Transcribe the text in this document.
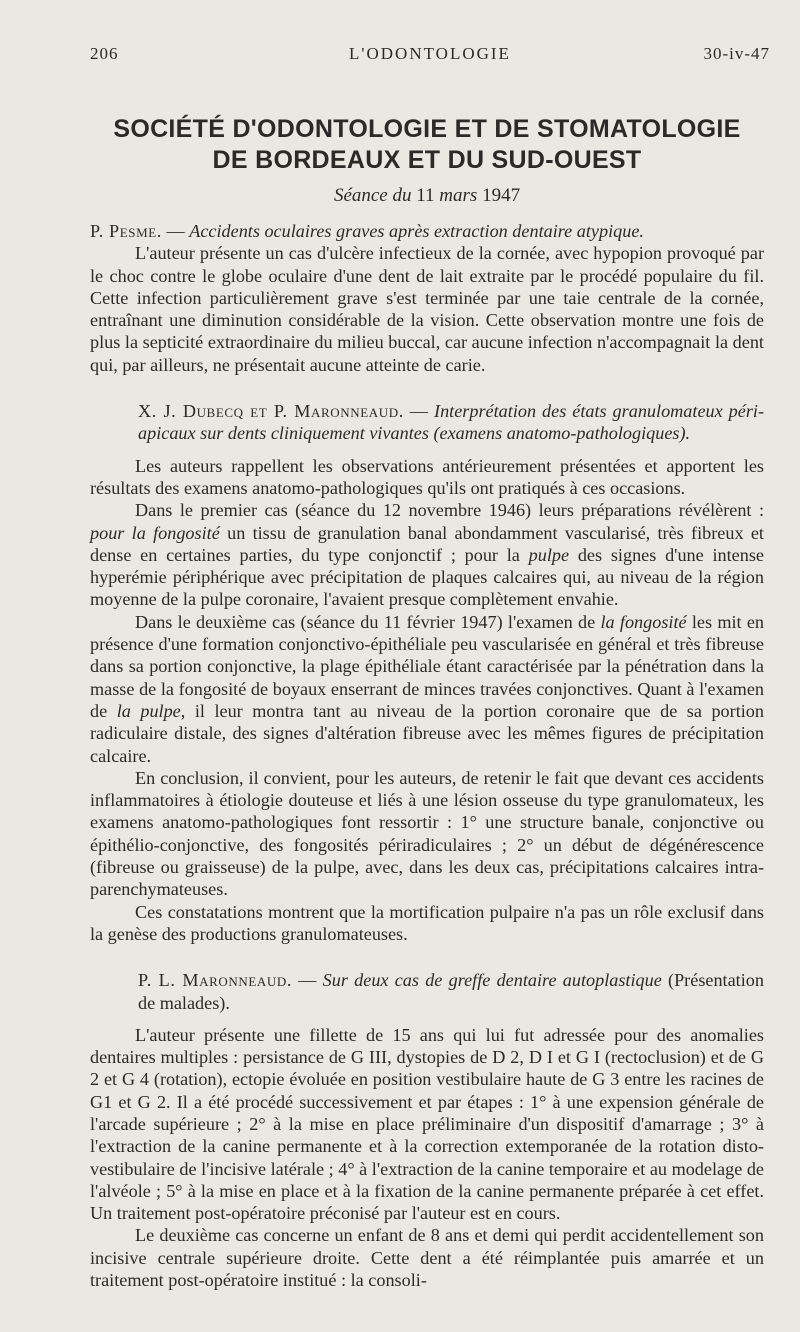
206	L'ODONTOLOGIE	30-iv-47
SOCIÉTÉ D'ODONTOLOGIE ET DE STOMATOLOGIE
DE BORDEAUX ET DU SUD-OUEST
Séance du 11 mars 1947

P. Pesme. — Accidents oculaires graves après extraction dentaire atypique.

L'auteur présente un cas d'ulcère infectieux de la cornée, avec hypopion provoqué par le choc contre le globe oculaire d'une dent de lait extraite par le procédé populaire du fil. Cette infection particulièrement grave s'est terminée par une taie centrale de la cornée, entraînant une diminution considérable de la vision. Cette observation montre une fois de plus la septicité extraordinaire du milieu buccal, car aucune infection n'accompagnait la dent qui, par ailleurs, ne présentait aucune atteinte de carie.

X. J. Dubecq et P. Maronneaud. — Interprétation des états granulomateux péri-apicaux sur dents cliniquement vivantes (examens anatomo-pathologiques).

Les auteurs rappellent les observations antérieurement présentées et apportent les résultats des examens anatomo-pathologiques qu'ils ont pratiqués à ces occasions.

Dans le premier cas (séance du 12 novembre 1946) leurs préparations révélèrent : pour la fongosité un tissu de granulation banal abondamment vascularisé, très fibreux et dense en certaines parties, du type conjonctif ; pour la pulpe des signes d'une intense hyperémie périphérique avec précipitation de plaques calcaires qui, au niveau de la région moyenne de la pulpe coronaire, l'avaient presque complètement envahie.

Dans le deuxième cas (séance du 11 février 1947) l'examen de la fongosité les mit en présence d'une formation conjonctivo-épithéliale peu vascularisée en général et très fibreuse dans sa portion conjonctive, la plage épithéliale étant caractérisée par la pénétration dans la masse de la fongosité de boyaux enserrant de minces travées conjonctives. Quant à l'examen de la pulpe, il leur montra tant au niveau de la portion coronaire que de sa portion radiculaire distale, des signes d'altération fibreuse avec les mêmes figures de précipitation calcaire.

En conclusion, il convient, pour les auteurs, de retenir le fait que devant ces accidents inflammatoires à étiologie douteuse et liés à une lésion osseuse du type granulomateux, les examens anatomo-pathologiques font ressortir : 1° une structure banale, conjonctive ou épithélio-conjonctive, des fongosités périradiculaires ; 2° un début de dégénérescence (fibreuse ou graisseuse) de la pulpe, avec, dans les deux cas, précipitations calcaires intra-parenchymateuses.

Ces constatations montrent que la mortification pulpaire n'a pas un rôle exclusif dans la genèse des productions granulomateuses.

P. L. Maronneaud. — Sur deux cas de greffe dentaire autoplastique (Présentation de malades).

L'auteur présente une fillette de 15 ans qui lui fut adressée pour des anomalies dentaires multiples : persistance de G III, dystopies de D 2, D I et G I (rectoclusion) et de G 2 et G 4 (rotation), ectopie évoluée en position vestibulaire haute de G 3 entre les racines de G1 et G 2. Il a été procédé successivement et par étapes : 1° à une expension générale de l'arcade supérieure ; 2° à la mise en place préliminaire d'un dispositif d'amarrage ; 3° à l'extraction de la canine permanente et à la correction extemporanée de la rotation disto-vestibulaire de l'incisive latérale ; 4° à l'extraction de la canine temporaire et au modelage de l'alvéole ; 5° à la mise en place et à la fixation de la canine permanente préparée à cet effet. Un traitement post-opératoire préconisé par l'auteur est en cours.

Le deuxième cas concerne un enfant de 8 ans et demi qui perdit accidentellement son incisive centrale supérieure droite. Cette dent a été réimplantée puis amarrée et un traitement post-opératoire institué : la consoli-
